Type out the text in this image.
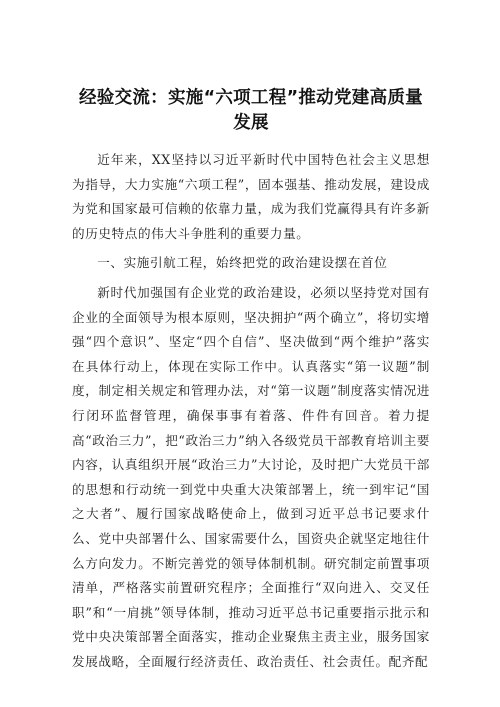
经验交流：实施“六项工程”推动党建高质量
发展

近年来，XX坚持以习近平新时代中国特色社会主义思想为指导，大力实施“六项工程”，固本强基、推动发展，建设成为党和国家最可信赖的依靠力量，成为我们党赢得具有许多新的历史特点的伟大斗争胜利的重要力量。

一、实施引航工程，始终把党的政治建设摆在首位

新时代加强国有企业党的政治建设，必须以坚持党对国有企业的全面领导为根本原则，坚决拥护“两个确立”，将切实增强“四个意识”、坚定“四个自信”、坚决做到“两个维护”落实在具体行动上，体现在实际工作中。认真落实“第一议题”制度，制定相关规定和管理办法，对“第一议题”制度落实情况进行闭环监督管理，确保事事有着落、件件有回音。着力提高“政治三力”，把“政治三力”纳入各级党员干部教育培训主要内容，认真组织开展“政治三力”大讨论，及时把广大党员干部的思想和行动统一到党中央重大决策部署上，统一到牢记“国之大者”、履行国家战略使命上，做到习近平总书记要求什么、党中央部署什么、国家需要什么，国资央企就坚定地往什么方向发力。不断完善党的领导体制机制。研究制定前置事项清单，严格落实前置研究程序；全面推行“双向进入、交叉任职”和“一肩挑”领导体制，推动习近平总书记重要指示批示和党中央决策部署全面落实，推动企业聚焦主责主业，服务国家发展战略，全面履行经济责任、政治责任、社会责任。配齐配
